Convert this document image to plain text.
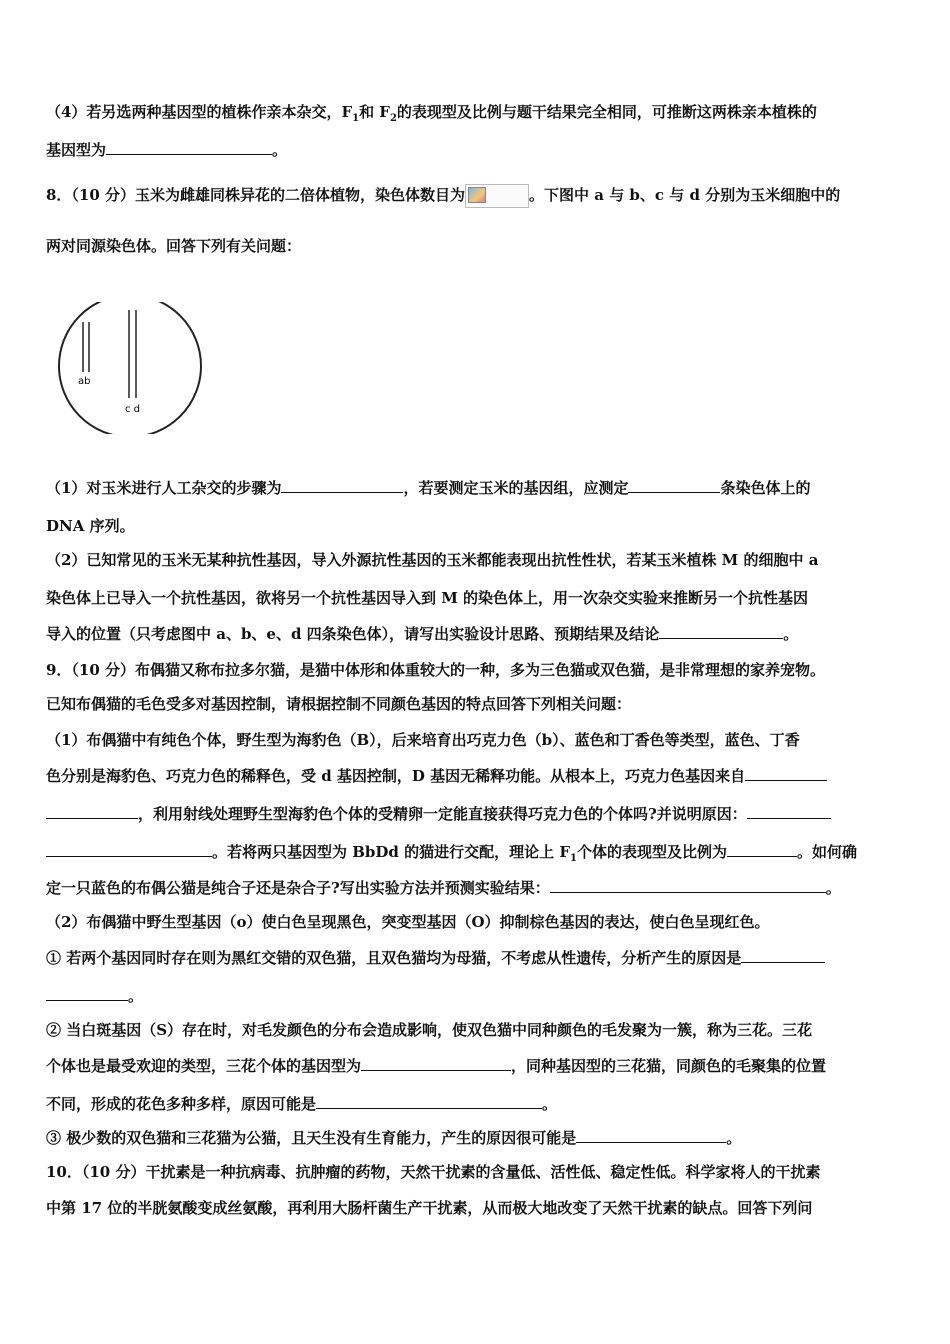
（4）若另选两种基因型的植株作亲本杂交，$F_1$和 $F_2$的表现型及比例与题干结果完全相同，可推断这两株亲本植株的
基因型为	。
8．（10 分）玉米为雌雄同株异花的二倍体植物，染色体数目为	。下图中 a 与 b、c 与 d 分别为玉米细胞中的
两对同源染色体。回答下列有关问题：
ab
c d
（1）对玉米进行人工杂交的步骤为	，若要测定玉米的基因组，应测定	条染色体上的
DNA 序列。
（2）已知常见的玉米无某种抗性基因，导入外源抗性基因的玉米都能表现出抗性性状，若某玉米植株 M 的细胞中 a
染色体上已导入一个抗性基因，欲将另一个抗性基因导入到 M 的染色体上，用一次杂交实验来推断另一个抗性基因
导入的位置（只考虑图中 a、b、e、d 四条染色体），请写出实验设计思路、预期结果及结论	。
9．（10 分）布偶猫又称布拉多尔猫，是猫中体形和体重较大的一种，多为三色猫或双色猫，是非常理想的家养宠物。
已知布偶猫的毛色受多对基因控制，请根据控制不同颜色基因的特点回答下列相关问题：
（1）布偶猫中有纯色个体，野生型为海豹色（B），后来培育出巧克力色（b）、蓝色和丁香色等类型，蓝色、丁香
色分别是海豹色、巧克力色的稀释色，受 d 基因控制，D 基因无稀释功能。从根本上，巧克力色基因来自
，利用射线处理野生型海豹色个体的受精卵一定能直接获得巧克力色的个体吗?并说明原因：
。若将两只基因型为 BbDd 的猫进行交配，理论上 $F_1$个体的表现型及比例为	。如何确
定一只蓝色的布偶公猫是纯合子还是杂合子?写出实验方法并预测实验结果：	。
（2）布偶猫中野生型基因（o）使白色呈现黑色，突变型基因（O）抑制棕色基因的表达，使白色呈现红色。
① 若两个基因同时存在则为黑红交错的双色猫，且双色猫均为母猫，不考虑从性遗传，分析产生的原因是
。
② 当白斑基因（S）存在时，对毛发颜色的分布会造成影响，使双色猫中同种颜色的毛发聚为一簇，称为三花。三花
个体也是最受欢迎的类型，三花个体的基因型为	，同种基因型的三花猫，同颜色的毛聚集的位置
不同，形成的花色多种多样，原因可能是	。
③ 极少数的双色猫和三花猫为公猫，且天生没有生育能力，产生的原因很可能是	。
10．（10 分）干扰素是一种抗病毒、抗肿瘤的药物，天然干扰素的含量低、活性低、稳定性低。科学家将人的干扰素
中第 17 位的半胱氨酸变成丝氨酸，再利用大肠杆菌生产干扰素，从而极大地改变了天然干扰素的缺点。回答下列问
